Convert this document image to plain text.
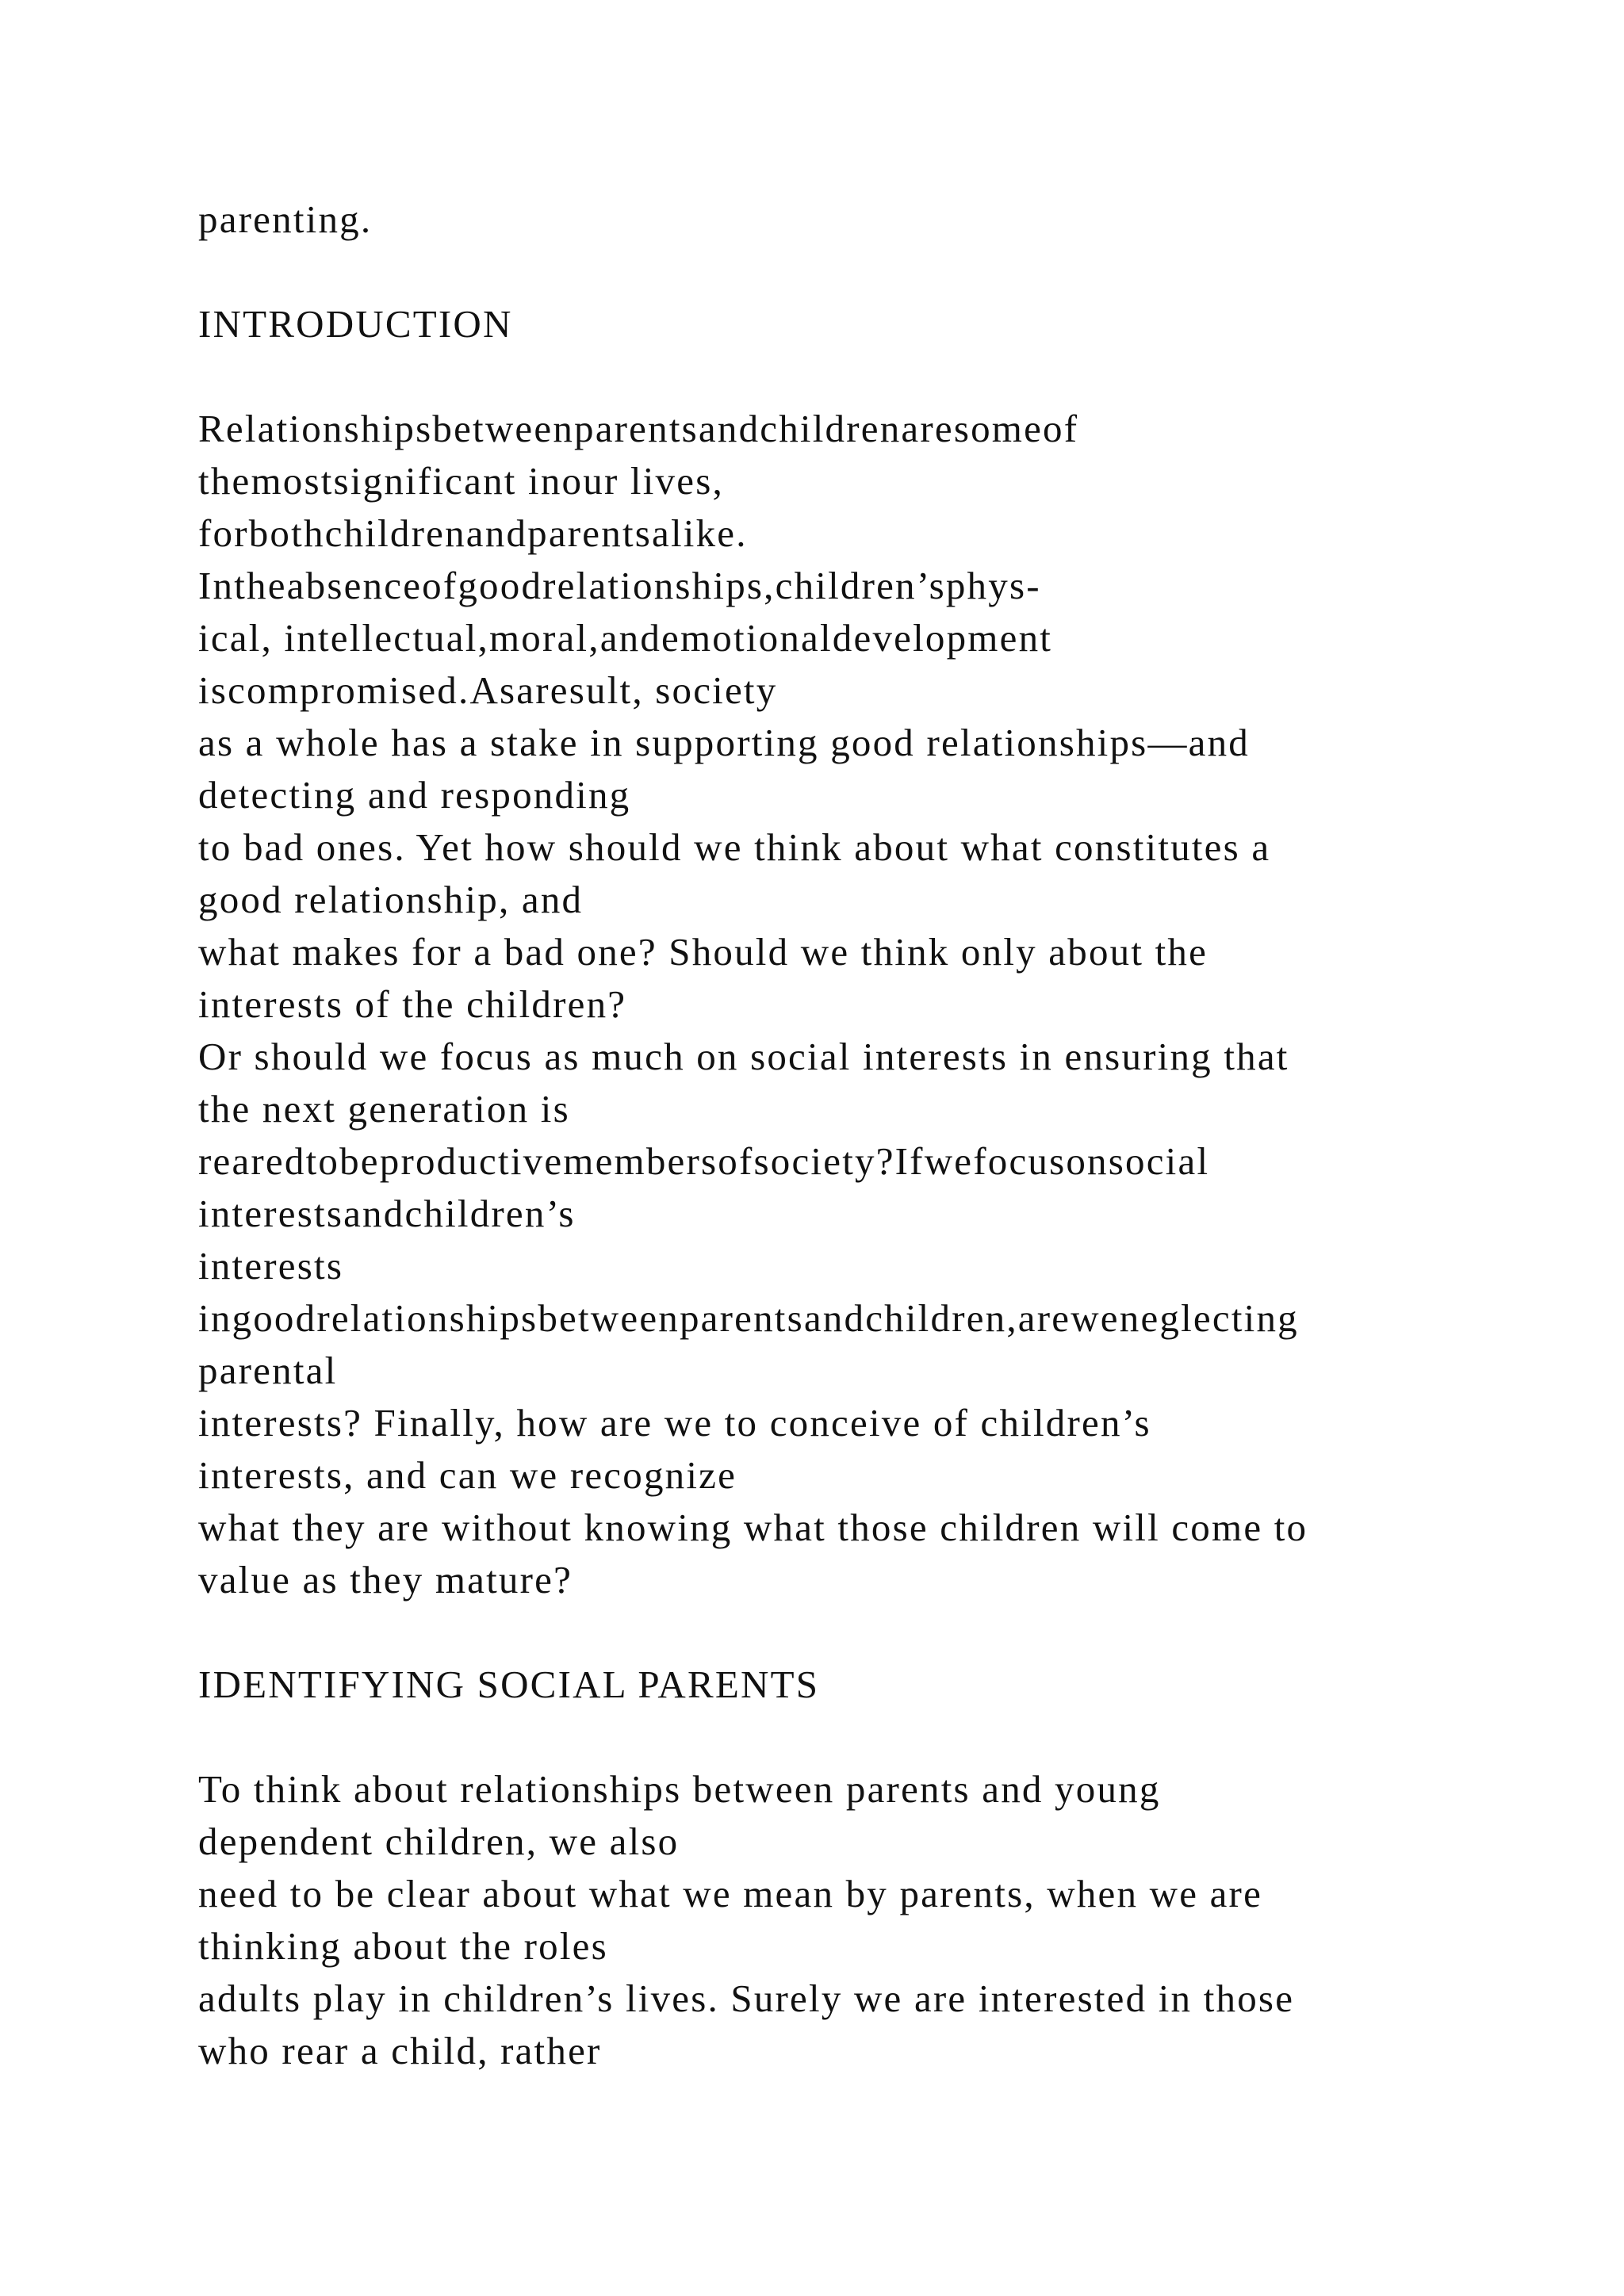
parenting.
INTRODUCTION
Relationshipsbetweenparentsandchildrenaresomeof
themostsignificant inour lives,
forbothchildrenandparentsalike.
Intheabsenceofgoodrelationships,children’sphys-
ical, intellectual,moral,andemotionaldevelopment
iscompromised.Asaresult, society
as a whole has a stake in supporting good relationships—and
detecting and responding
to bad ones. Yet how should we think about what constitutes a
good relationship, and
what makes for a bad one? Should we think only about the
interests of the children?
Or should we focus as much on social interests in ensuring that
the next generation is
rearedtobeproductivemembersofsociety?Ifwefocusonsocial
interestsandchildren’s
interests
ingoodrelationshipsbetweenparentsandchildren,areweneglecting
parental
interests? Finally, how are we to conceive of children’s
interests, and can we recognize
what they are without knowing what those children will come to
value as they mature?
IDENTIFYING SOCIAL PARENTS
To think about relationships between parents and young
dependent children, we also
need to be clear about what we mean by parents, when we are
thinking about the roles
adults play in children’s lives. Surely we are interested in those
who rear a child, rather
